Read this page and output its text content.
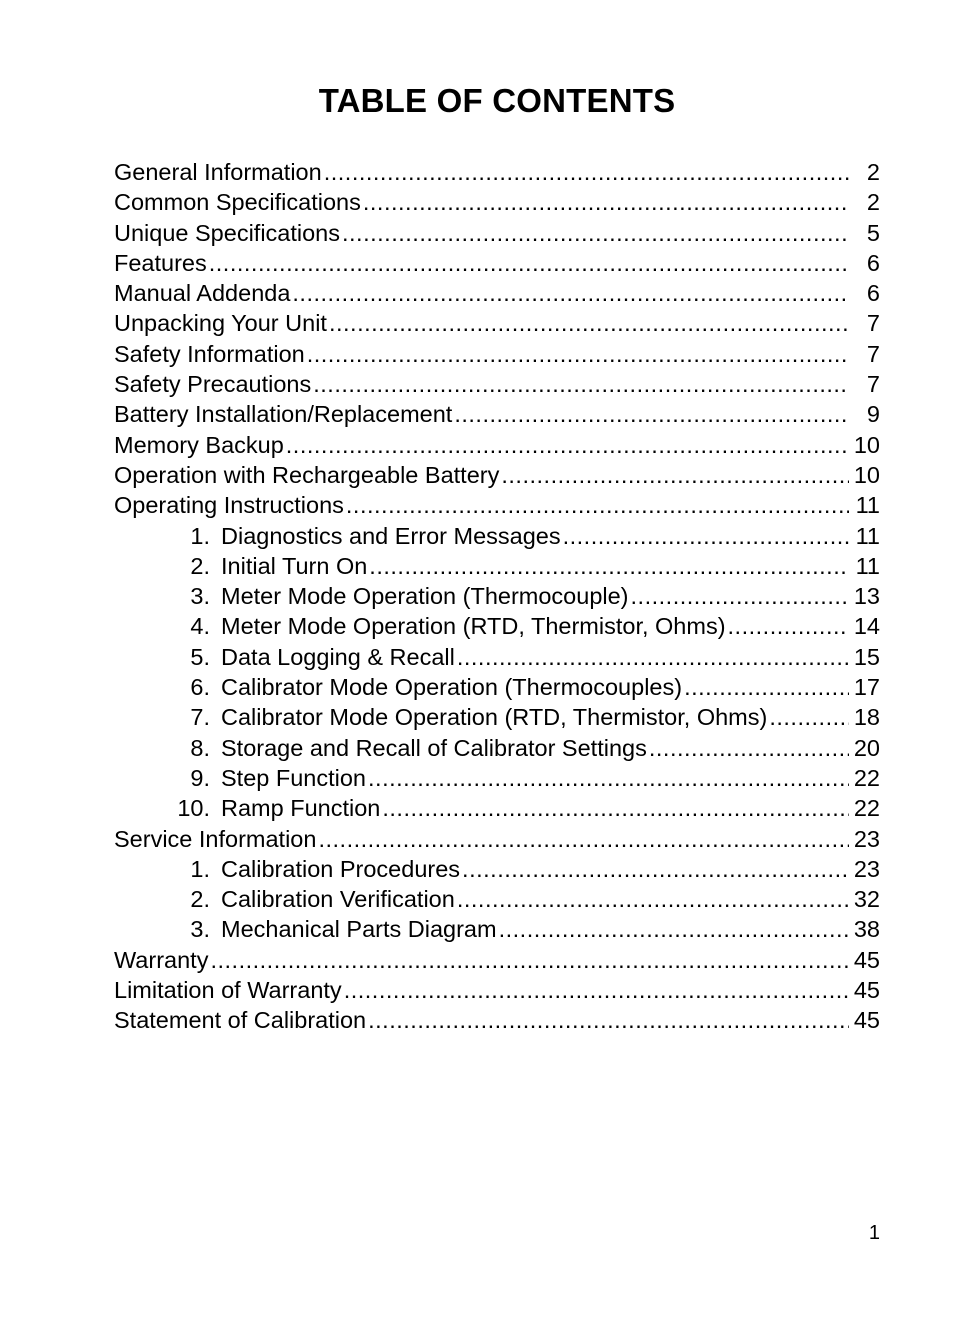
TABLE OF CONTENTS
General Information .....	2
Common Specifications .....	2
Unique Specifications .....	5
Features .....	6
Manual Addenda .....	6
Unpacking Your Unit .....	7
Safety Information .....	7
Safety Precautions .....	7
Battery Installation/Replacement .....	9
Memory Backup .....	10
Operation with Rechargeable Battery .....	10
Operating Instructions .....	11
1. Diagnostics and Error Messages .....	11
2. Initial Turn On .....	11
3. Meter Mode Operation (Thermocouple) .....	13
4. Meter Mode Operation (RTD, Thermistor, Ohms) .....	14
5. Data Logging & Recall .....	15
6. Calibrator Mode Operation (Thermocouples) .....	17
7. Calibrator Mode Operation (RTD, Thermistor, Ohms) .....	18
8. Storage and Recall of Calibrator Settings .....	20
9. Step Function .....	22
10. Ramp Function .....	22
Service Information .....	23
1. Calibration Procedures .....	23
2. Calibration Verification .....	32
3. Mechanical Parts Diagram .....	38
Warranty .....	45
Limitation of Warranty .....	45
Statement of Calibration .....	45
1
